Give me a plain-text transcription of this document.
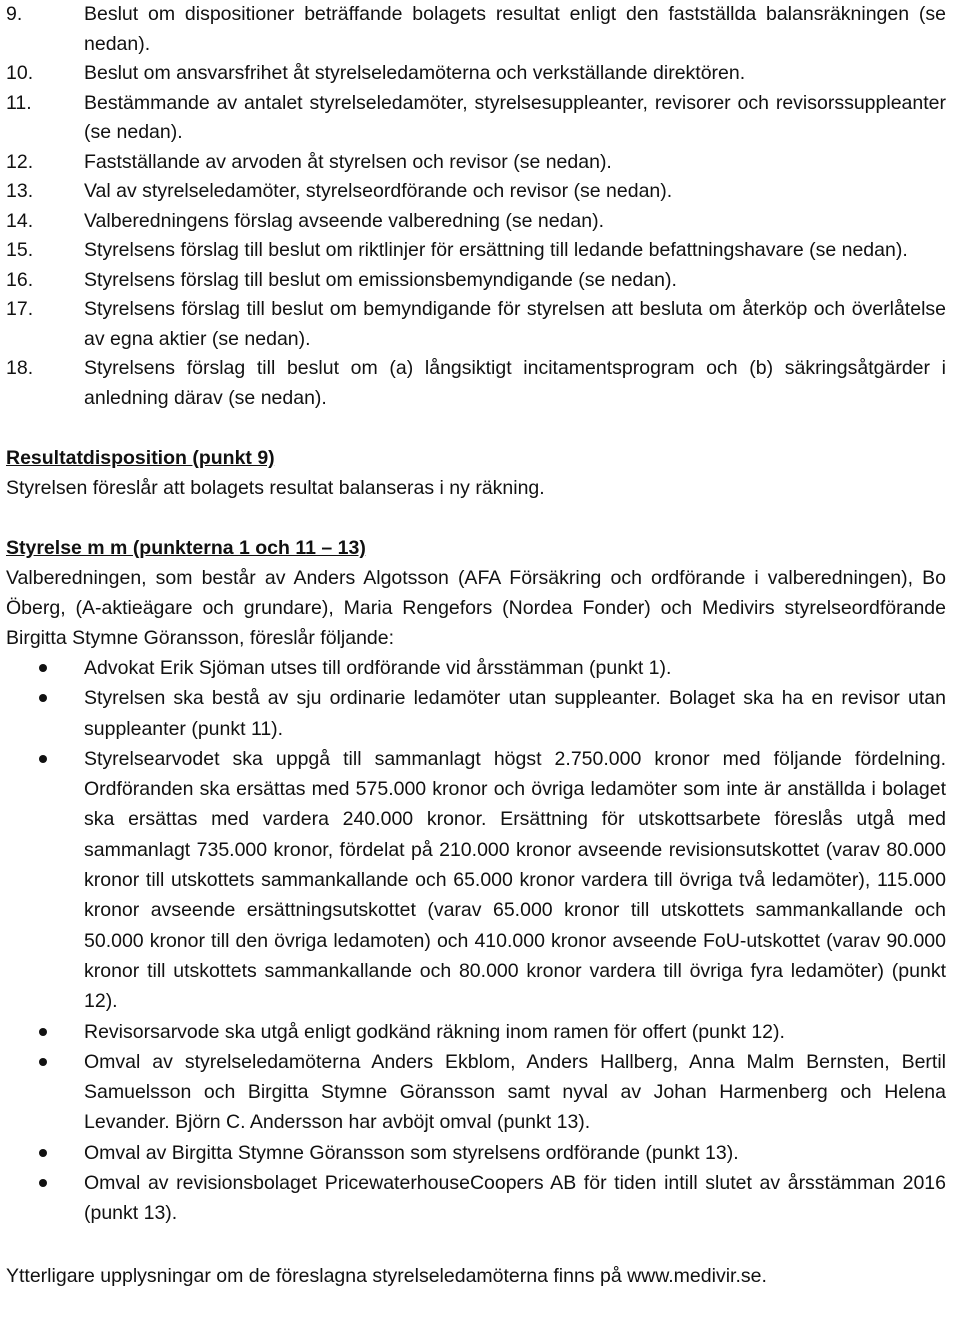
9.	Beslut om dispositioner beträffande bolagets resultat enligt den fastställda balansräkningen (se nedan).
10.	Beslut om ansvarsfrihet åt styrelseledamöterna och verkställande direktören.
11.	Bestämmande av antalet styrelseledamöter, styrelsesuppleanter, revisorer och revisorssuppleanter (se nedan).
12.	Fastställande av arvoden åt styrelsen och revisor (se nedan).
13.	Val av styrelseledamöter, styrelseordförande och revisor (se nedan).
14.	Valberedningens förslag avseende valberedning (se nedan).
15.	Styrelsens förslag till beslut om riktlinjer för ersättning till ledande befattningshavare (se nedan).
16.	Styrelsens förslag till beslut om emissionsbemyndigande (se nedan).
17.	Styrelsens förslag till beslut om bemyndigande för styrelsen att besluta om återköp och överlåtelse av egna aktier (se nedan).
18.	Styrelsens förslag till beslut om (a) långsiktigt incitamentsprogram och (b) säkringsåtgärder i anledning därav (se nedan).
Resultatdisposition (punkt 9)
Styrelsen föreslår att bolagets resultat balanseras i ny räkning.
Styrelse m m (punkterna 1 och 11 – 13)
Valberedningen, som består av Anders Algotsson (AFA Försäkring och ordförande i valberedningen), Bo Öberg, (A-aktieägare och grundare), Maria Rengefors (Nordea Fonder) och Medivirs styrelseordförande Birgitta Stymne Göransson, föreslår följande:
Advokat Erik Sjöman utses till ordförande vid årsstämman (punkt 1).
Styrelsen ska bestå av sju ordinarie ledamöter utan suppleanter. Bolaget ska ha en revisor utan suppleanter (punkt 11).
Styrelsearvodet ska uppgå till sammanlagt högst 2.750.000 kronor med följande fördelning. Ordföranden ska ersättas med 575.000 kronor och övriga ledamöter som inte är anställda i bolaget ska ersättas med vardera 240.000 kronor. Ersättning för utskottsarbete föreslås utgå med sammanlagt 735.000 kronor, fördelat på 210.000 kronor avseende revisionsutskottet (varav 80.000 kronor till utskottets sammankallande och 65.000 kronor vardera till övriga två ledamöter), 115.000 kronor avseende ersättningsutskottet (varav 65.000 kronor till utskottets sammankallande och 50.000 kronor till den övriga ledamoten) och 410.000 kronor avseende FoU-utskottet (varav 90.000 kronor till utskottets sammankallande och 80.000 kronor vardera till övriga fyra ledamöter) (punkt 12).
Revisorsarvode ska utgå enligt godkänd räkning inom ramen för offert (punkt 12).
Omval av styrelseledamöterna Anders Ekblom, Anders Hallberg, Anna Malm Bernsten, Bertil Samuelsson och Birgitta Stymne Göransson samt nyval av Johan Harmenberg och Helena Levander. Björn C. Andersson har avböjt omval (punkt 13).
Omval av Birgitta Stymne Göransson som styrelsens ordförande (punkt 13).
Omval av revisionsbolaget PricewaterhouseCoopers AB för tiden intill slutet av årsstämman 2016 (punkt 13).
Ytterligare upplysningar om de föreslagna styrelseledamöterna finns på www.medivir.se.
